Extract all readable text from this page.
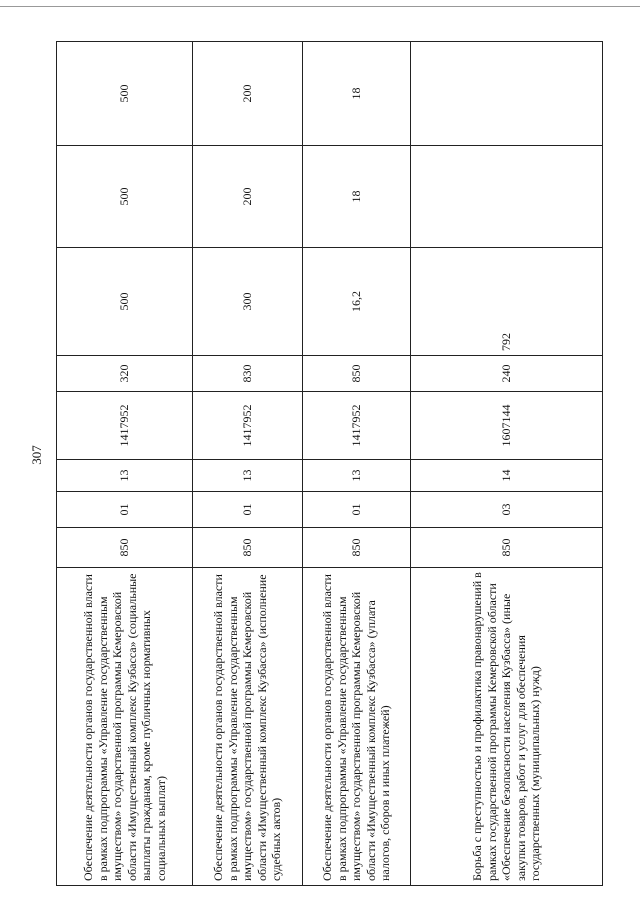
307
Обеспечение деятельности органов государственной власти в рамках подпрограммы «Управление государственным имуществом» государственной программы Кемеровской области «Имущественный комплекс Кузбасса» (социальные выплаты гражданам, кроме публичных нормативных социальных выплат)	850	01	13	1417952	320	500	500	500
Обеспечение деятельности органов государственной власти в рамках подпрограммы «Управление государственным имуществом» государственной программы Кемеровской области «Имущественный комплекс Кузбасса» (исполнение судебных актов)	850	01	13	1417952	830	300	200	200
Обеспечение деятельности органов государственной власти в рамках подпрограммы «Управление государственным имуществом» государственной программы Кемеровской области «Имущественный комплекс Кузбасса» (уплата налогов, сборов и иных платежей)	850	01	13	1417952	850	16,2	18	18
Борьба с преступностью и профилактика правонарушений в рамках государственной программы Кемеровской области «Обеспечение безопасности населения Кузбасса» (иные закупки товаров, работ и услуг для обеспечения государственных (муниципальных) нужд)	850	03	14	1607144	240	792		
